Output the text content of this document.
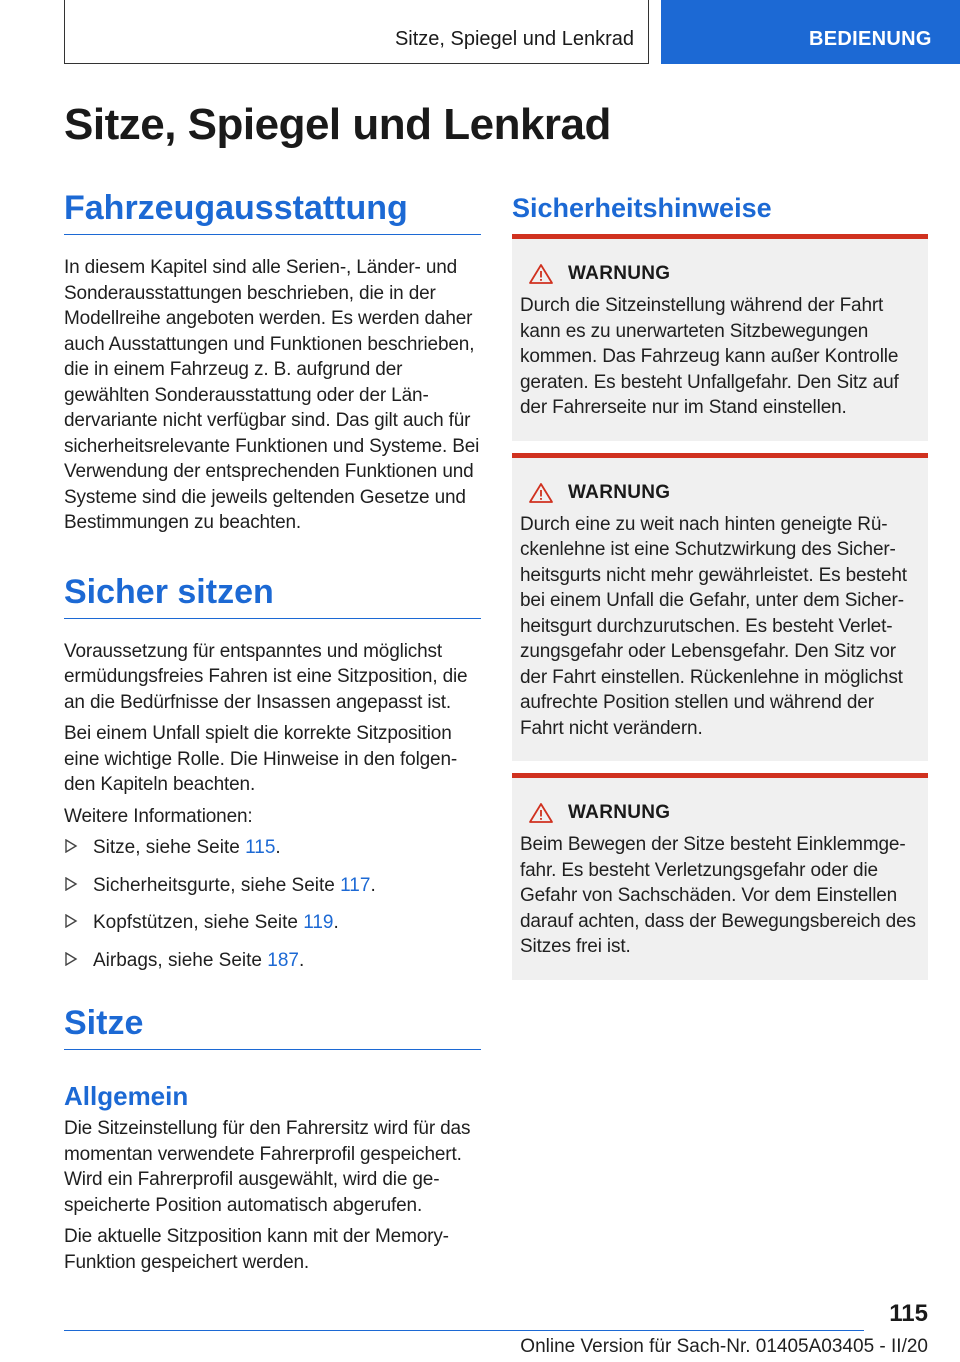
Sitze, Spiegel und Lenkrad	BEDIENUNG
Sitze, Spiegel und Lenkrad
Fahrzeugausstattung

In diesem Kapitel sind alle Serien-, Länder- und Sonderausstattungen beschrieben, die in der Modellreihe angeboten werden. Es werden daher auch Ausstattungen und Funktionen beschrieben, die in einem Fahrzeug z. B. aufgrund der gewählten Sonderausstattung oder der Ländervariante nicht verfügbar sind. Das gilt auch für sicherheitsrelevante Funktionen und Systeme. Bei Verwendung der entsprechenden Funktionen und Systeme sind die jeweils geltenden Gesetze und Bestimmungen zu beachten.

Sicher sitzen

Voraussetzung für entspanntes und möglichst ermüdungsfreies Fahren ist eine Sitzposition, die an die Bedürfnisse der Insassen angepasst ist.

Bei einem Unfall spielt die korrekte Sitzposition eine wichtige Rolle. Die Hinweise in den folgenden Kapiteln beachten.

Weitere Informationen:

Sitze, siehe Seite 115.
Sicherheitsgurte, siehe Seite 117.
Kopfstützen, siehe Seite 119.
Airbags, siehe Seite 187.
Sitze
Allgemein

Die Sitzeinstellung für den Fahrersitz wird für das momentan verwendete Fahrerprofil gespeichert. Wird ein Fahrerprofil ausgewählt, wird die gespeicherte Position automatisch abgerufen.

Die aktuelle Sitzposition kann mit der Memory-Funktion gespeichert werden.

Sicherheitshinweise
WARNUNG

Durch die Sitzeinstellung während der Fahrt kann es zu unerwarteten Sitzbewegungen kommen. Das Fahrzeug kann außer Kontrolle geraten. Es besteht Unfallgefahr. Den Sitz auf der Fahrerseite nur im Stand einstellen.

WARNUNG

Durch eine zu weit nach hinten geneigte Rückenlehne ist eine Schutzwirkung des Sicherheitsgurts nicht mehr gewährleistet. Es besteht bei einem Unfall die Gefahr, unter dem Sicherheitsgurt durchzurutschen. Es besteht Verletzungsgefahr oder Lebensgefahr. Den Sitz vor der Fahrt einstellen. Rückenlehne in möglichst aufrechte Position stellen und während der Fahrt nicht verändern.

WARNUNG

Beim Bewegen der Sitze besteht Einklemmgefahr. Es besteht Verletzungsgefahr oder die Gefahr von Sachschäden. Vor dem Einstellen darauf achten, dass der Bewegungsbereich des Sitzes frei ist.

115
Online Version für Sach-Nr. 01405A03405 - II/20
